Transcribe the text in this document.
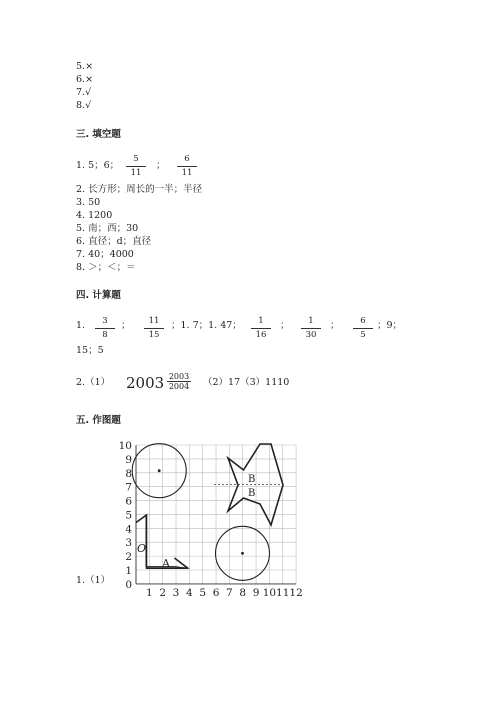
5.×
6.×
7.√
8.√
三. 填空题
1. 5；6； $\frac{5}{11}$ ； $\frac{6}{11}$
2. 长方形；周长的一半；半径
3. 50
4. 1200
5. 南；西；30
6. 直径；d；直径
7. 40；4000
8. ＞；＜；＝
四. 计算题
1. $\frac{3}{8}$ ； $\frac{11}{15}$ ；1. 7；1. 47； $\frac{1}{16}$ ； $\frac{1}{30}$ ； $\frac{6}{5}$ ；9；
15；5
2.（1） $2003 \frac{2003}{2004} (2)17(3)1110$
五. 作图题
1.（1） 0
1
2
3
4
5
6
7
8
9
10
1 2 3 4 5 6 7 8 9 10 11 12
B
B
O
A
